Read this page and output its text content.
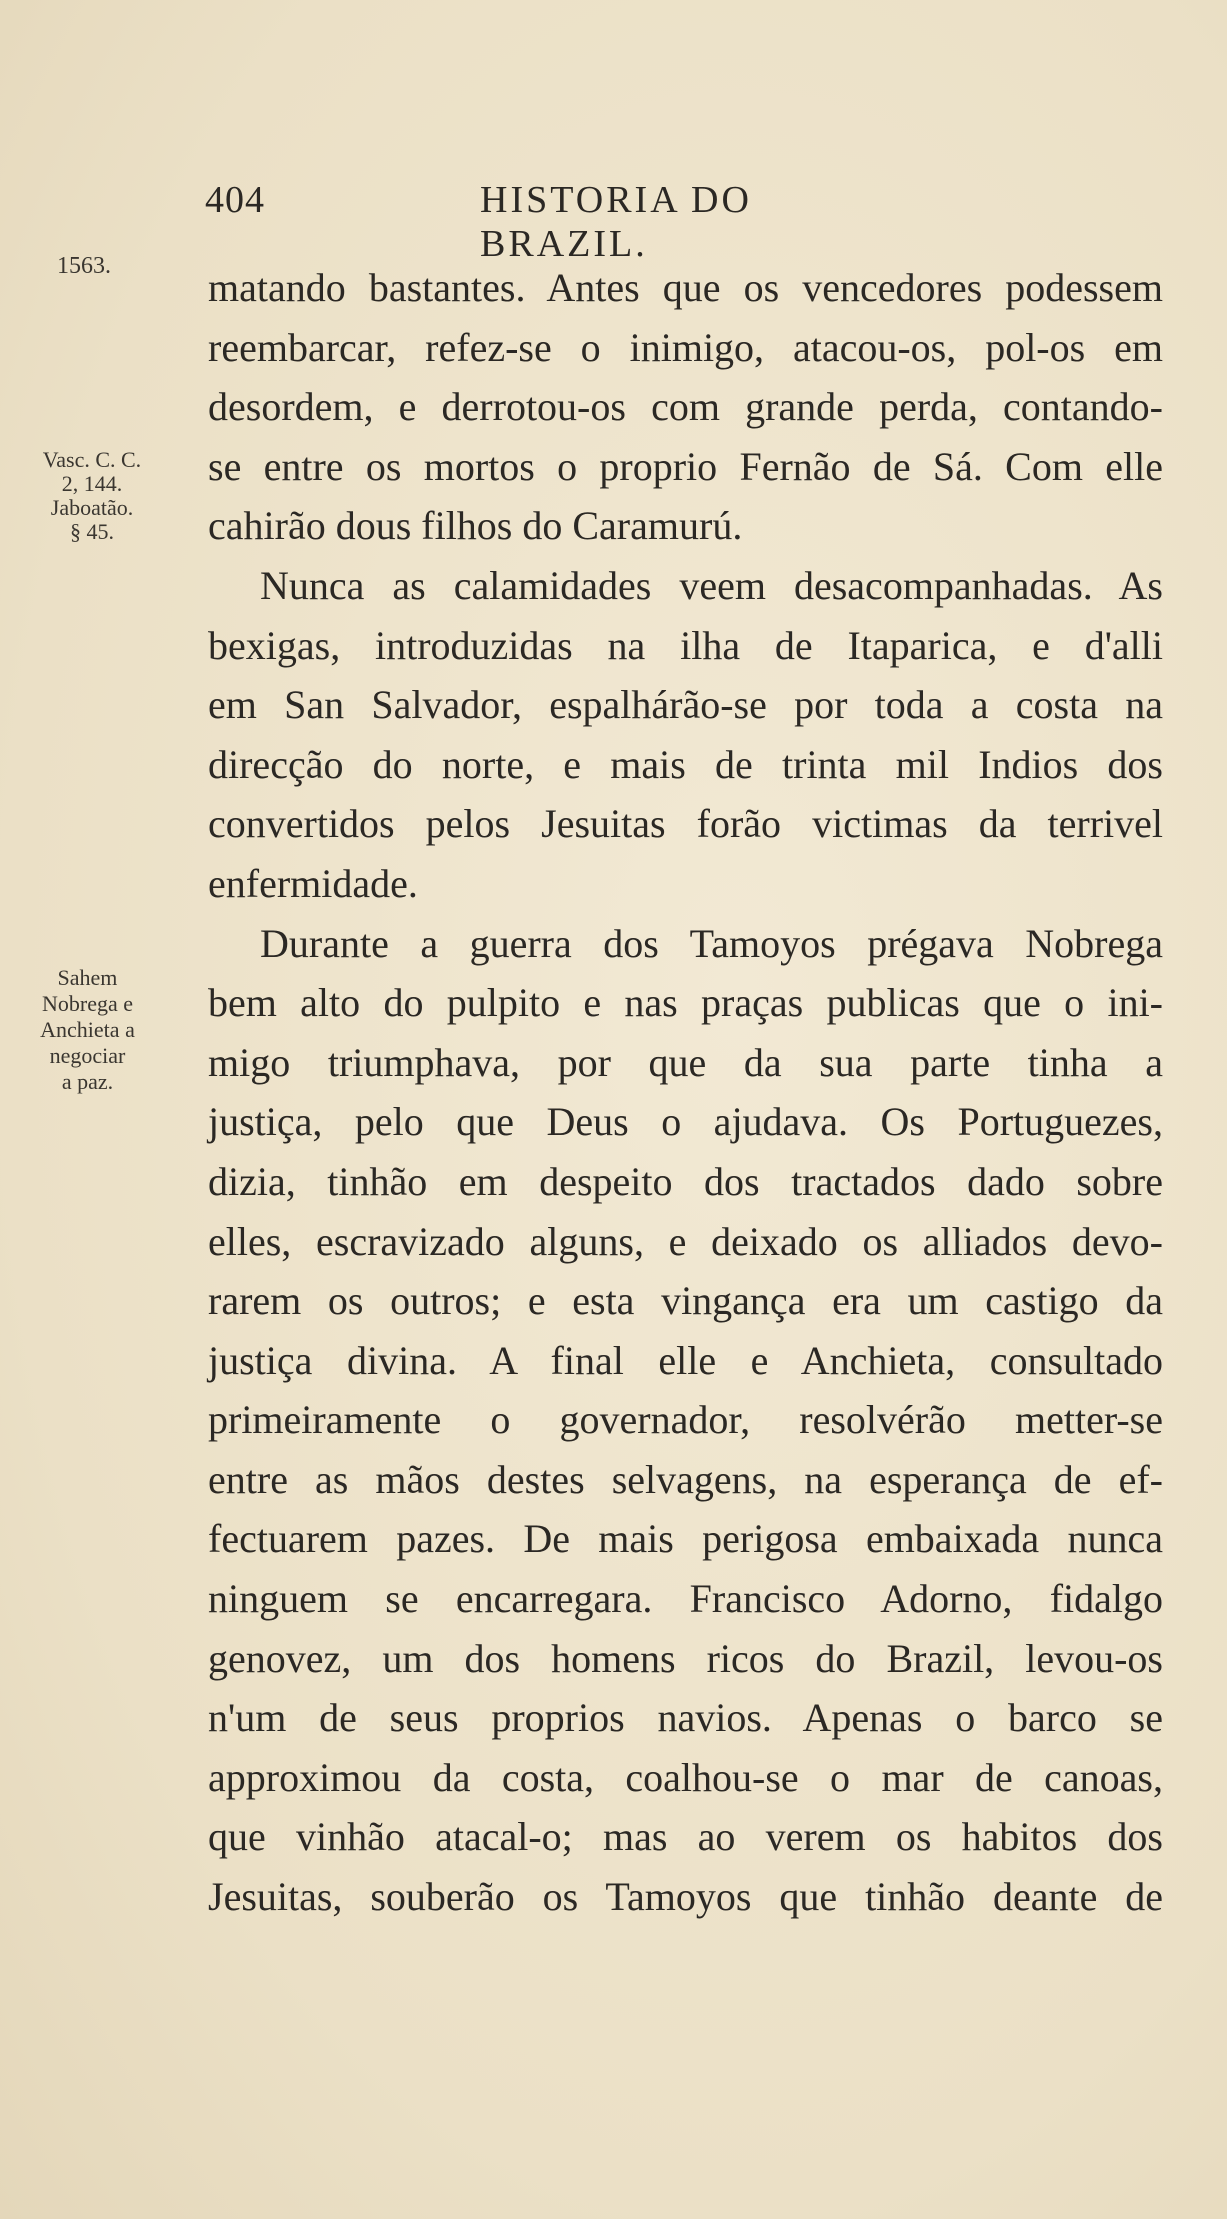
404	HISTORIA DO BRAZIL.
1563.
Vasc. C. C.
2, 144.
Jaboatão.
§ 45.
Sahem
Nobrega e
Anchieta a
negociar
a paz.
matando bastantes. Antes que os vencedores podessem
reembarcar, refez-se o inimigo, atacou-os, pol-os em
desordem, e derrotou-os com grande perda, contando-
se entre os mortos o proprio Fernão de Sá. Com elle
cahirão dous filhos do Caramurú.
Nunca as calamidades veem desacompanhadas. As
bexigas, introduzidas na ilha de Itaparica, e d'alli
em San Salvador, espalhárão-se por toda a costa na
direcção do norte, e mais de trinta mil Indios dos
convertidos pelos Jesuitas forão victimas da terrivel
enfermidade.
Durante a guerra dos Tamoyos prégava Nobrega
bem alto do pulpito e nas praças publicas que o ini-
migo triumphava, por que da sua parte tinha a
justiça, pelo que Deus o ajudava. Os Portuguezes,
dizia, tinhão em despeito dos tractados dado sobre
elles, escravizado alguns, e deixado os alliados devo-
rarem os outros; e esta vingança era um castigo da
justiça divina. A final elle e Anchieta, consultado
primeiramente o governador, resolvérão metter-se
entre as mãos destes selvagens, na esperança de ef-
fectuarem pazes. De mais perigosa embaixada nunca
ninguem se encarregara. Francisco Adorno, fidalgo
genovez, um dos homens ricos do Brazil, levou-os
n'um de seus proprios navios. Apenas o barco se
approximou da costa, coalhou-se o mar de canoas,
que vinhão atacal-o; mas ao verem os habitos dos
Jesuitas, souberão os Tamoyos que tinhão deante de
